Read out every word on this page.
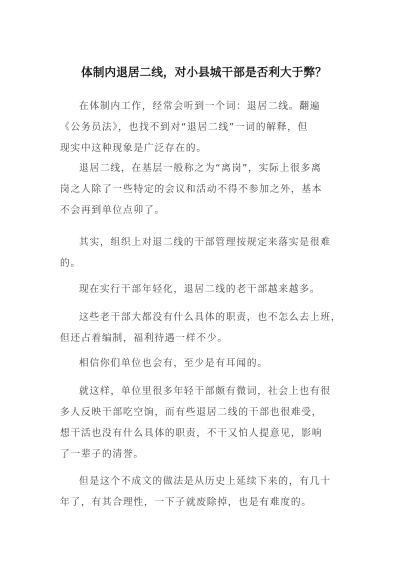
体制内退居二线，对小县城干部是否利大于弊？
在体制内工作，经常会听到一个词：退居二线。翻遍
《公务员法》，也找不到对“退居二线”一词的解释，但
现实中这种现象是广泛存在的。
退居二线，在基层一般称之为“离岗”，实际上很多离
岗之人除了一些特定的会议和活动不得不参加之外，基本
不会再到单位点卯了。
其实，组织上对退二线的干部管理按规定来落实是很难
的。
现在实行干部年轻化，退居二线的老干部越来越多。
这些老干部大都没有什么具体的职责，也不怎么去上班，
但还占着编制，福利待遇一样不少。
相信你们单位也会有，至少是有耳闻的。
就这样，单位里很多年轻干部颇有微词，社会上也有很
多人反映干部吃空饷，而有些退居二线的干部也很难受，
想干活也没有什么具体的职责，不干又怕人提意见，影响
了一辈子的清誉。
但是这个不成文的做法是从历史上延续下来的，有几十
年了，有其合理性，一下子就废除掉，也是有难度的。
